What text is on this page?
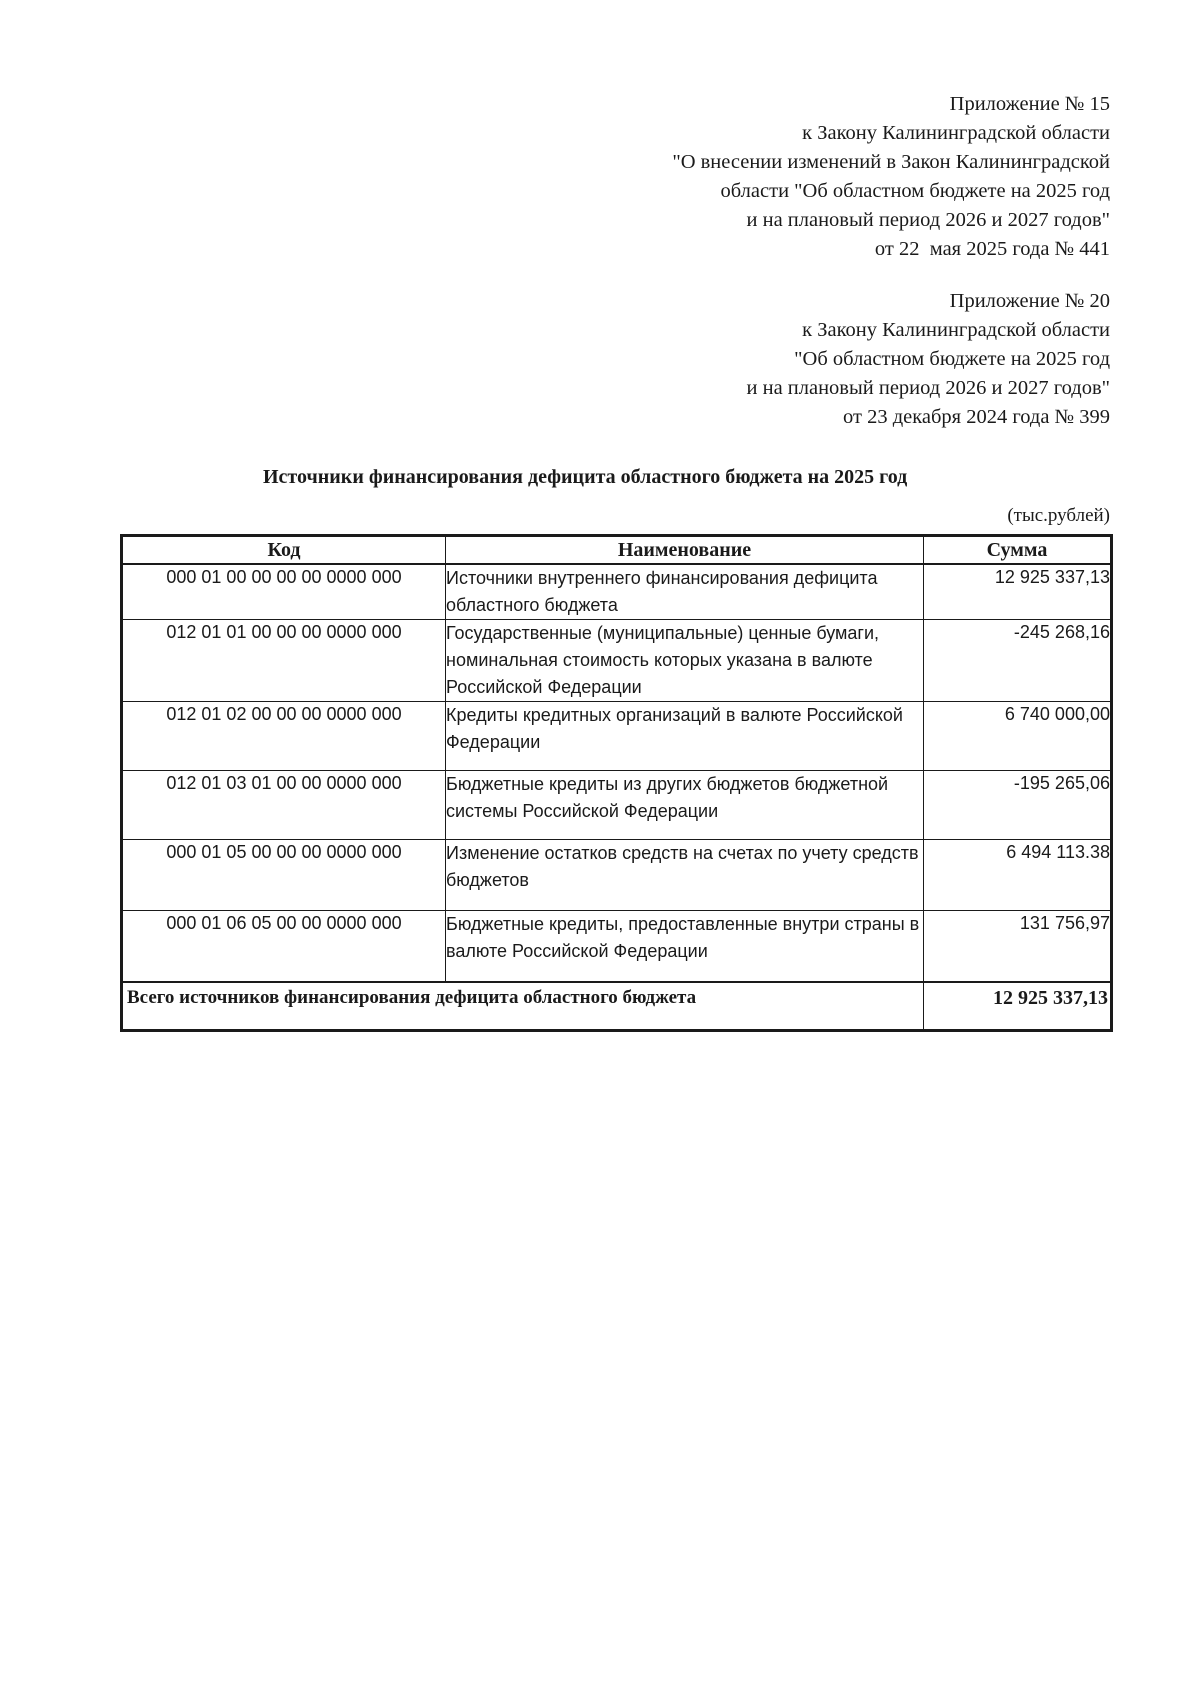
Приложение № 15
к Закону Калининградской области
"О внесении изменений в Закон Калининградской
области "Об областном бюджете на 2025 год
и на плановый период 2026 и 2027 годов"
от 22  мая 2025 года № 441
Приложение № 20
к Закону Калининградской области
"Об областном бюджете на 2025 год
и на плановый период 2026 и 2027 годов"
от 23 декабря 2024 года № 399
Источники финансирования дефицита областного бюджета на 2025 год
(тыс.рублей)
Код	Наименование	Сумма
000 01 00 00 00 00 0000 000	Источники внутреннего финансирования дефицита областного бюджета	12 925 337,13
012 01 01 00 00 00 0000 000	Государственные (муниципальные) ценные бумаги, номинальная стоимость которых указана в валюте Российской Федерации	-245 268,16
012 01 02 00 00 00 0000 000	Кредиты кредитных организаций в валюте Российской Федерации	6 740 000,00
012 01 03 01 00 00 0000 000	Бюджетные кредиты из других бюджетов бюджетной системы Российской Федерации	-195 265,06
000 01 05 00 00 00 0000 000	Изменение остатков средств на счетах по учету средств бюджетов	6 494 113.38
000 01 06 05 00 00 0000 000	Бюджетные кредиты, предоставленные внутри страны в валюте Российской Федерации	131 756,97
Всего источников финансирования дефицита областного бюджета		12 925 337,13
